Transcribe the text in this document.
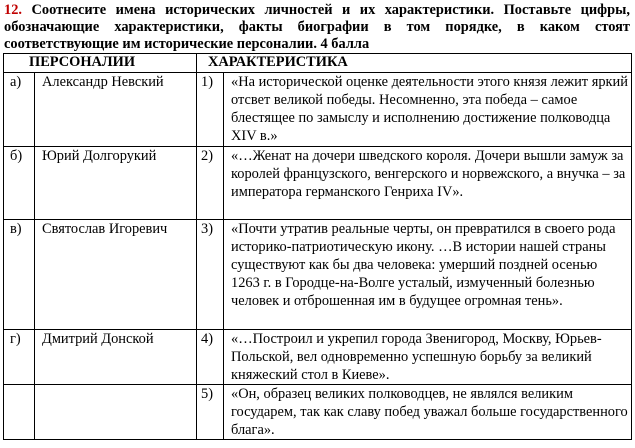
12. Соотнесите имена исторических личностей и их характеристики. Поставьте цифры, обозначающие характеристики, факты биографии в том порядке, в каком стоят соответствующие им исторические персоналии. 4 балла
ПЕРСОНАЛИИ		ХАРАКТЕРИСТИКА	
а)	Александр Невский	1)	«На исторической оценке деятельности этого князя лежит яркий отсвет великой победы. Несомненно, эта победа – самое блестящее по замыслу и исполнению достижение полководца XIV в.»
б)	Юрий Долгорукий	2)	«…Женат на дочери шведского короля. Дочери вышли замуж за королей французского, венгерского и норвежского, а внучка – за императора германского Генриха IV».
в)	Святослав Игоревич	3)	«Почти утратив реальные черты, он превратился в своего рода историко-патриотическую икону. …В истории нашей страны существуют как бы два человека: умерший поздней осенью 1263 г. в Городце-на-Волге усталый, измученный болезнью человек и отброшенная им в будущее огромная тень».
г)	Дмитрий Донской	4)	«…Построил и укрепил города Звенигород, Москву, Юрьев-Польской, вел одновременно успешную борьбу за великий княжеский стол в Киеве».
		5)	«Он, образец великих полководцев, не являлся великим государем, так как славу побед уважал больше государственного блага».
